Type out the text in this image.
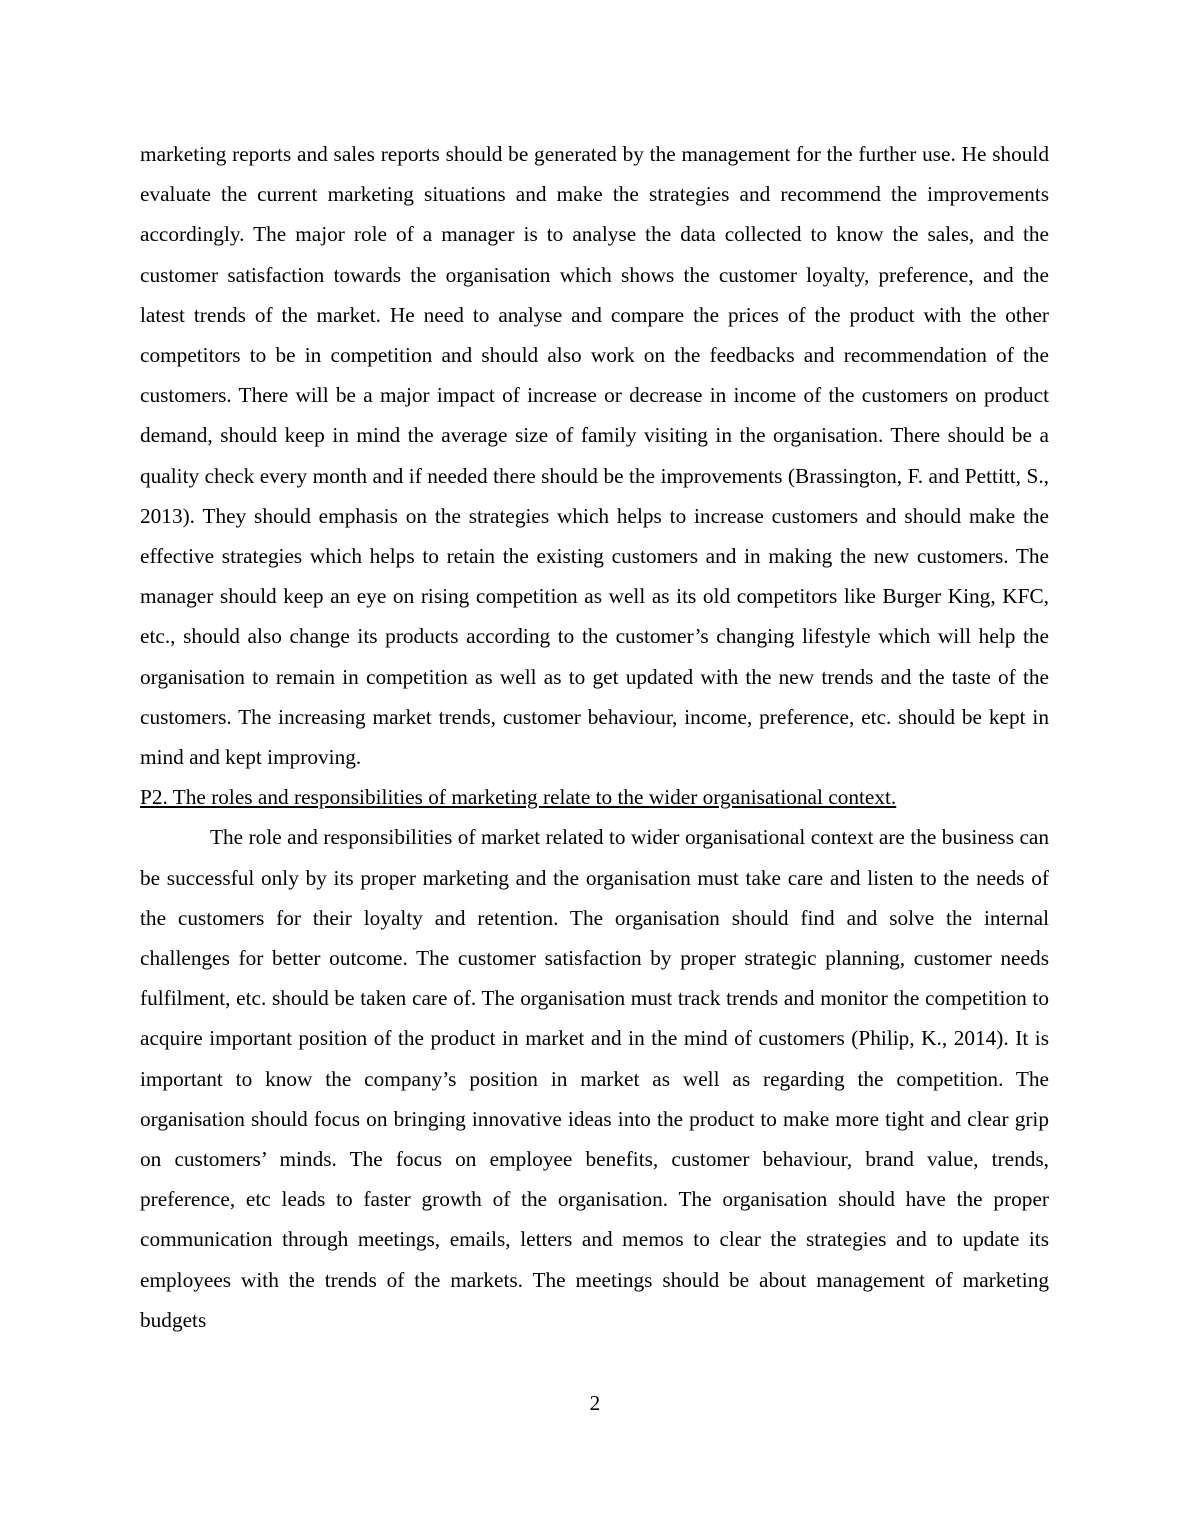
marketing reports and sales reports should be generated by the management for the further use. He should evaluate the current marketing situations and make the strategies and recommend the improvements accordingly. The major role of a manager is to analyse the data collected to know the sales, and the customer satisfaction towards the organisation which shows the customer loyalty, preference, and the latest trends of the market. He need to analyse and compare the prices of the product with the other competitors to be in competition and should also work on the feedbacks and recommendation of the customers. There will be a major impact of increase or decrease in income of the customers on product demand, should keep in mind the average size of family visiting in the organisation. There should be a quality check every month and if needed there should be the improvements (Brassington, F. and Pettitt, S., 2013). They should emphasis on the strategies which helps to increase customers and should make the effective strategies which helps to retain the existing customers and in making the new customers. The manager should keep an eye on rising competition as well as its old competitors like Burger King, KFC, etc., should also change its products according to the customer’s changing lifestyle which will help the organisation to remain in competition as well as to get updated with the new trends and the taste of the customers. The increasing market trends, customer behaviour, income, preference, etc. should be kept in mind and kept improving.

P2. The roles and responsibilities of marketing relate to the wider organisational context.

The role and responsibilities of market related to wider organisational context are the business can be successful only by its proper marketing and the organisation must take care and listen to the needs of the customers for their loyalty and retention. The organisation should find and solve the internal challenges for better outcome. The customer satisfaction by proper strategic planning, customer needs fulfilment, etc. should be taken care of. The organisation must track trends and monitor the competition to acquire important position of the product in market and in the mind of customers (Philip, K., 2014). It is important to know the company’s position in market as well as regarding the competition. The organisation should focus on bringing innovative ideas into the product to make more tight and clear grip on customers’ minds. The focus on employee benefits, customer behaviour, brand value, trends, preference, etc leads to faster growth of the organisation. The organisation should have the proper communication through meetings, emails, letters and memos to clear the strategies and to update its employees with the trends of the markets. The meetings should be about management of marketing budgets

2
